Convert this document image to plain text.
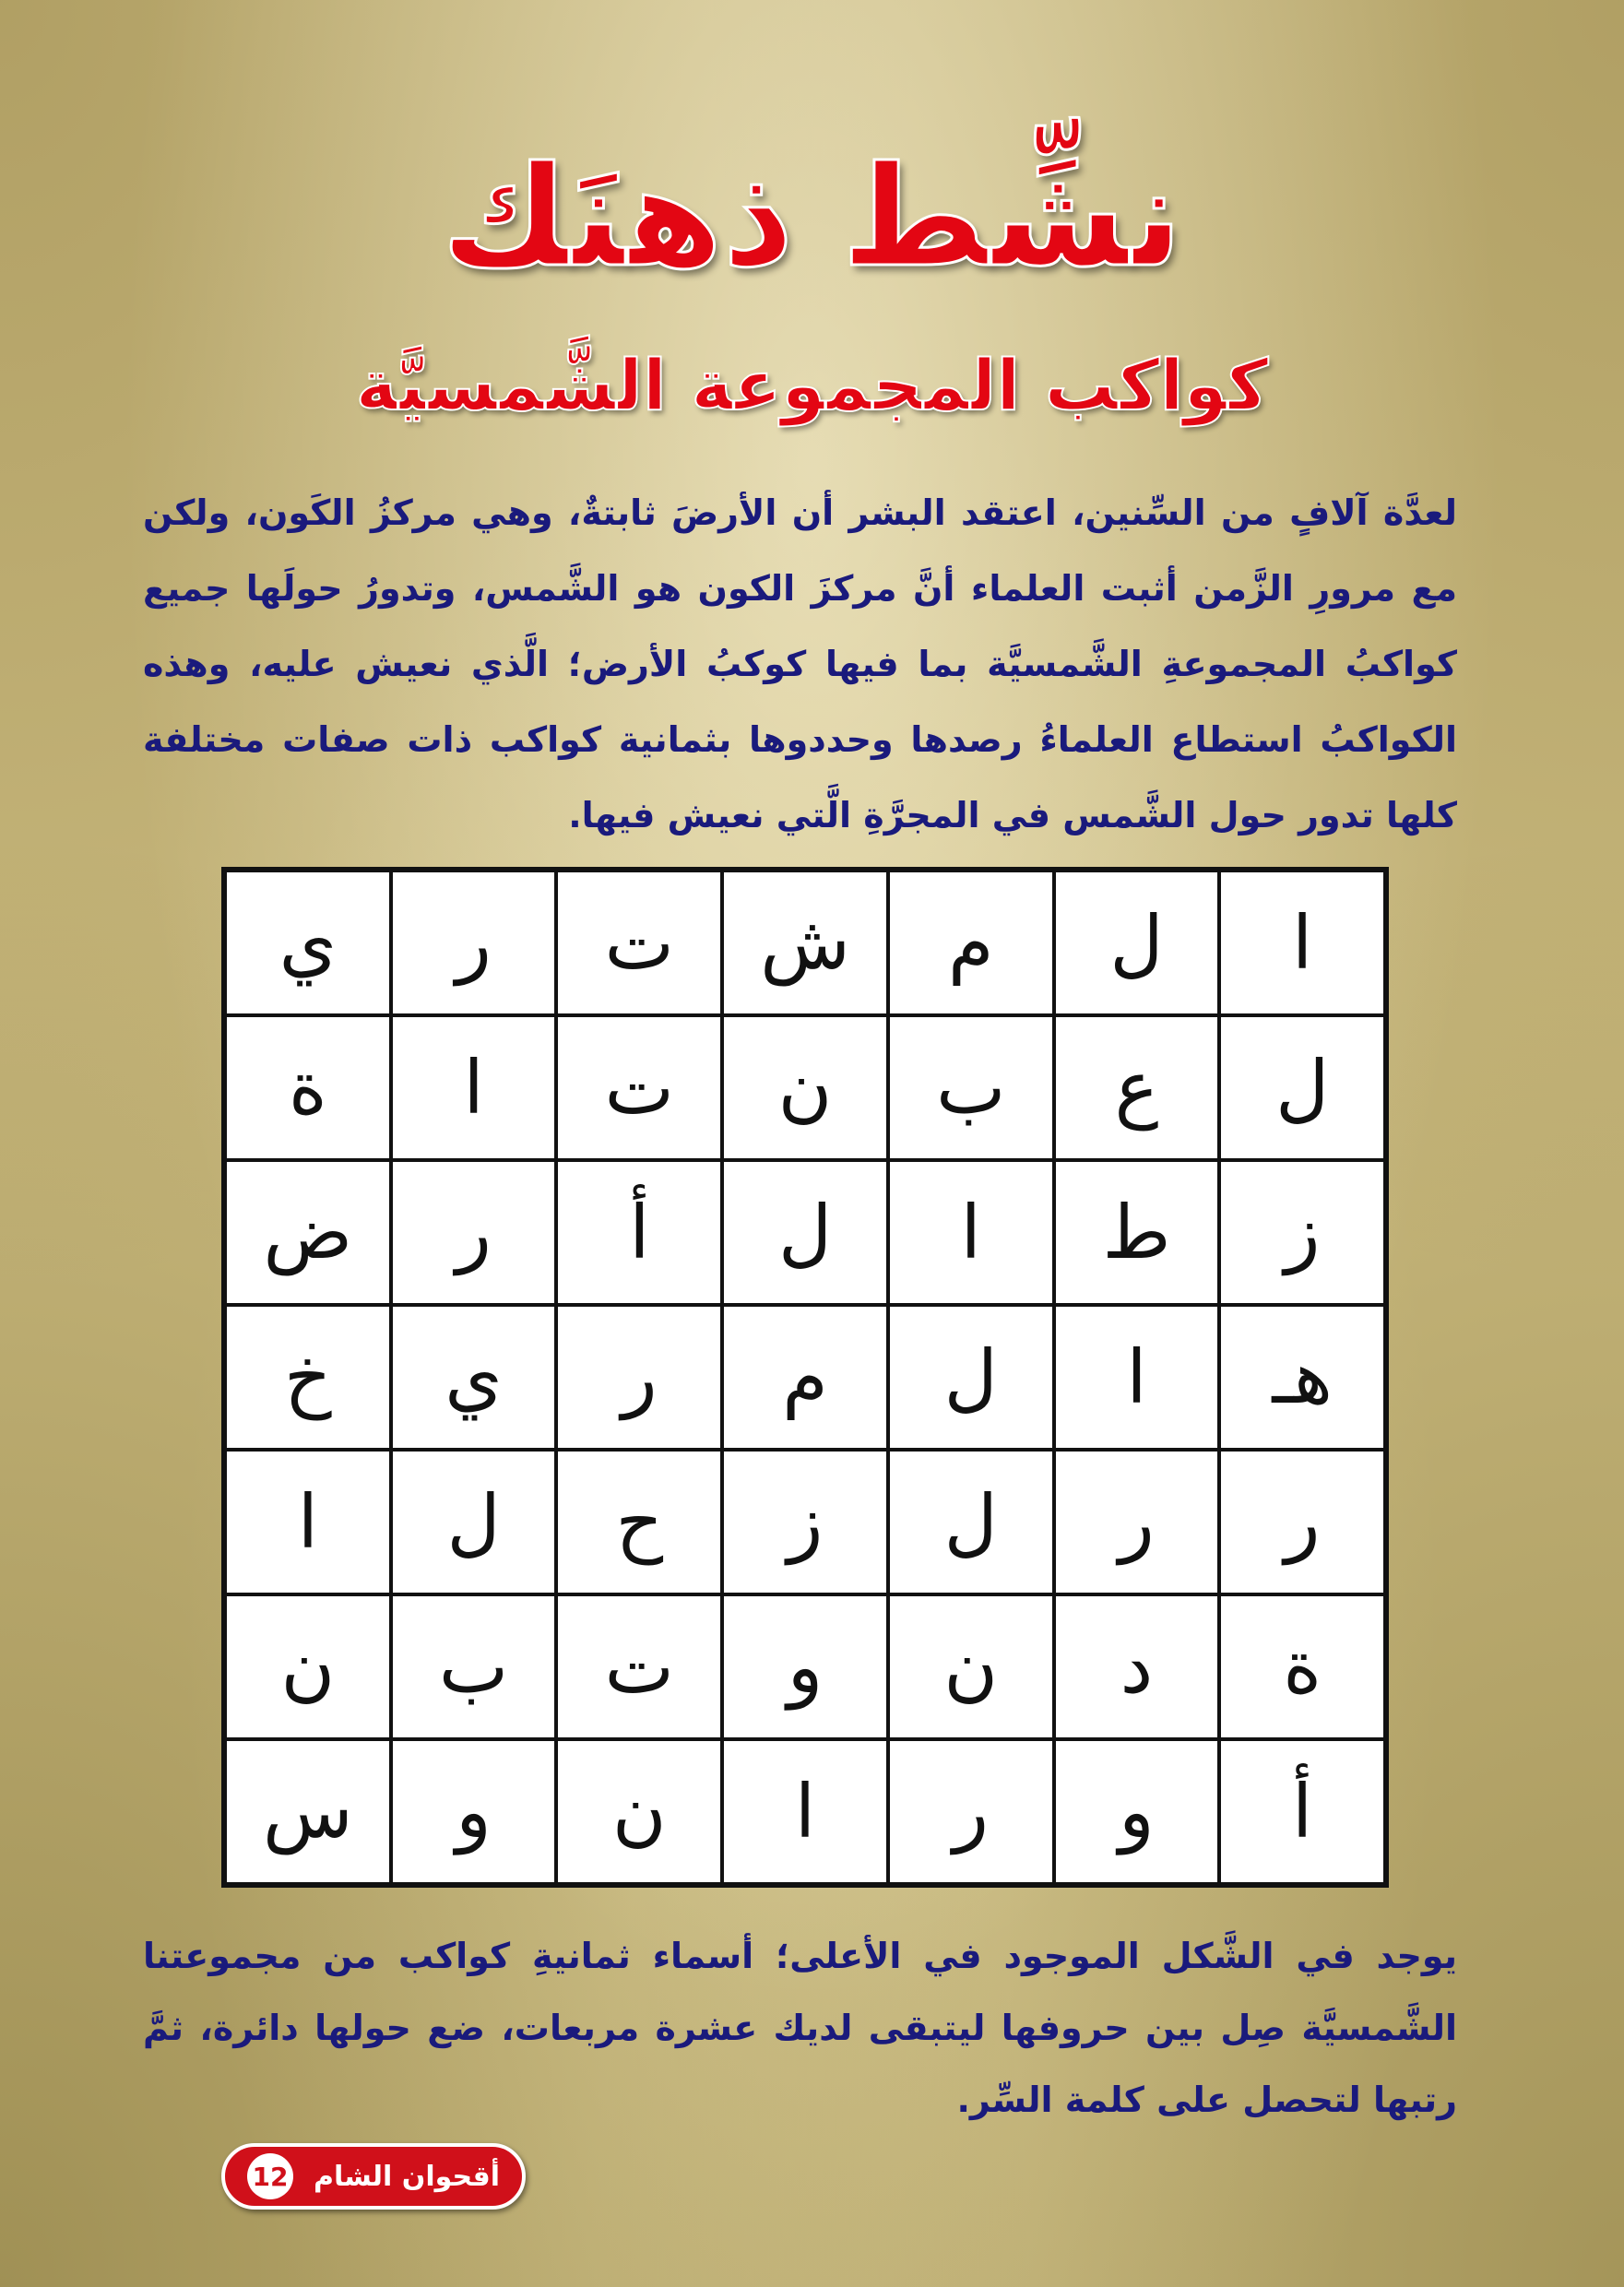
نشِّط ذهنَك
كواكب المجموعة الشَّمسيَّة

لعدَّة آلافٍ من السِّنين، اعتقد البشر أن الأرضَ ثابتةٌ، وهي مركزُ الكَون، ولكن مع مرورِ الزَّمن أثبت العلماء أنَّ مركزَ الكون هو الشَّمس، وتدورُ حولَها جميع كواكبُ المجموعةِ الشَّمسيَّة بما فيها كوكبُ الأرض؛ الَّذي نعيش عليه، وهذه الكواكبُ استطاع العلماءُ رصدها وحددوها بثمانية كواكب ذات صفات مختلفة كلها تدور حول الشَّمس في المجرَّةِ الَّتي نعيش فيها.

ا
ل
م
ش
ت
ر
ي
ل
ع
ب
ن
ت
ا
ة
ز
ط
ا
ل
أ
ر
ض
هـ
ا
ل
م
ر
ي
خ
ر
ر
ل
ز
ح
ل
ا
ة
د
ن
و
ت
ب
ن
أ
و
ر
ا
ن
و
س

يوجد في الشَّكل الموجود في الأعلى؛ أسماء ثمانيةِ كواكب من مجموعتنا الشَّمسيَّة صِل بين حروفها ليتبقى لديك عشرة مربعات، ضع حولها دائرة، ثمَّ رتبها لتحصل على كلمة السِّر.

أقحوان الشام
12
